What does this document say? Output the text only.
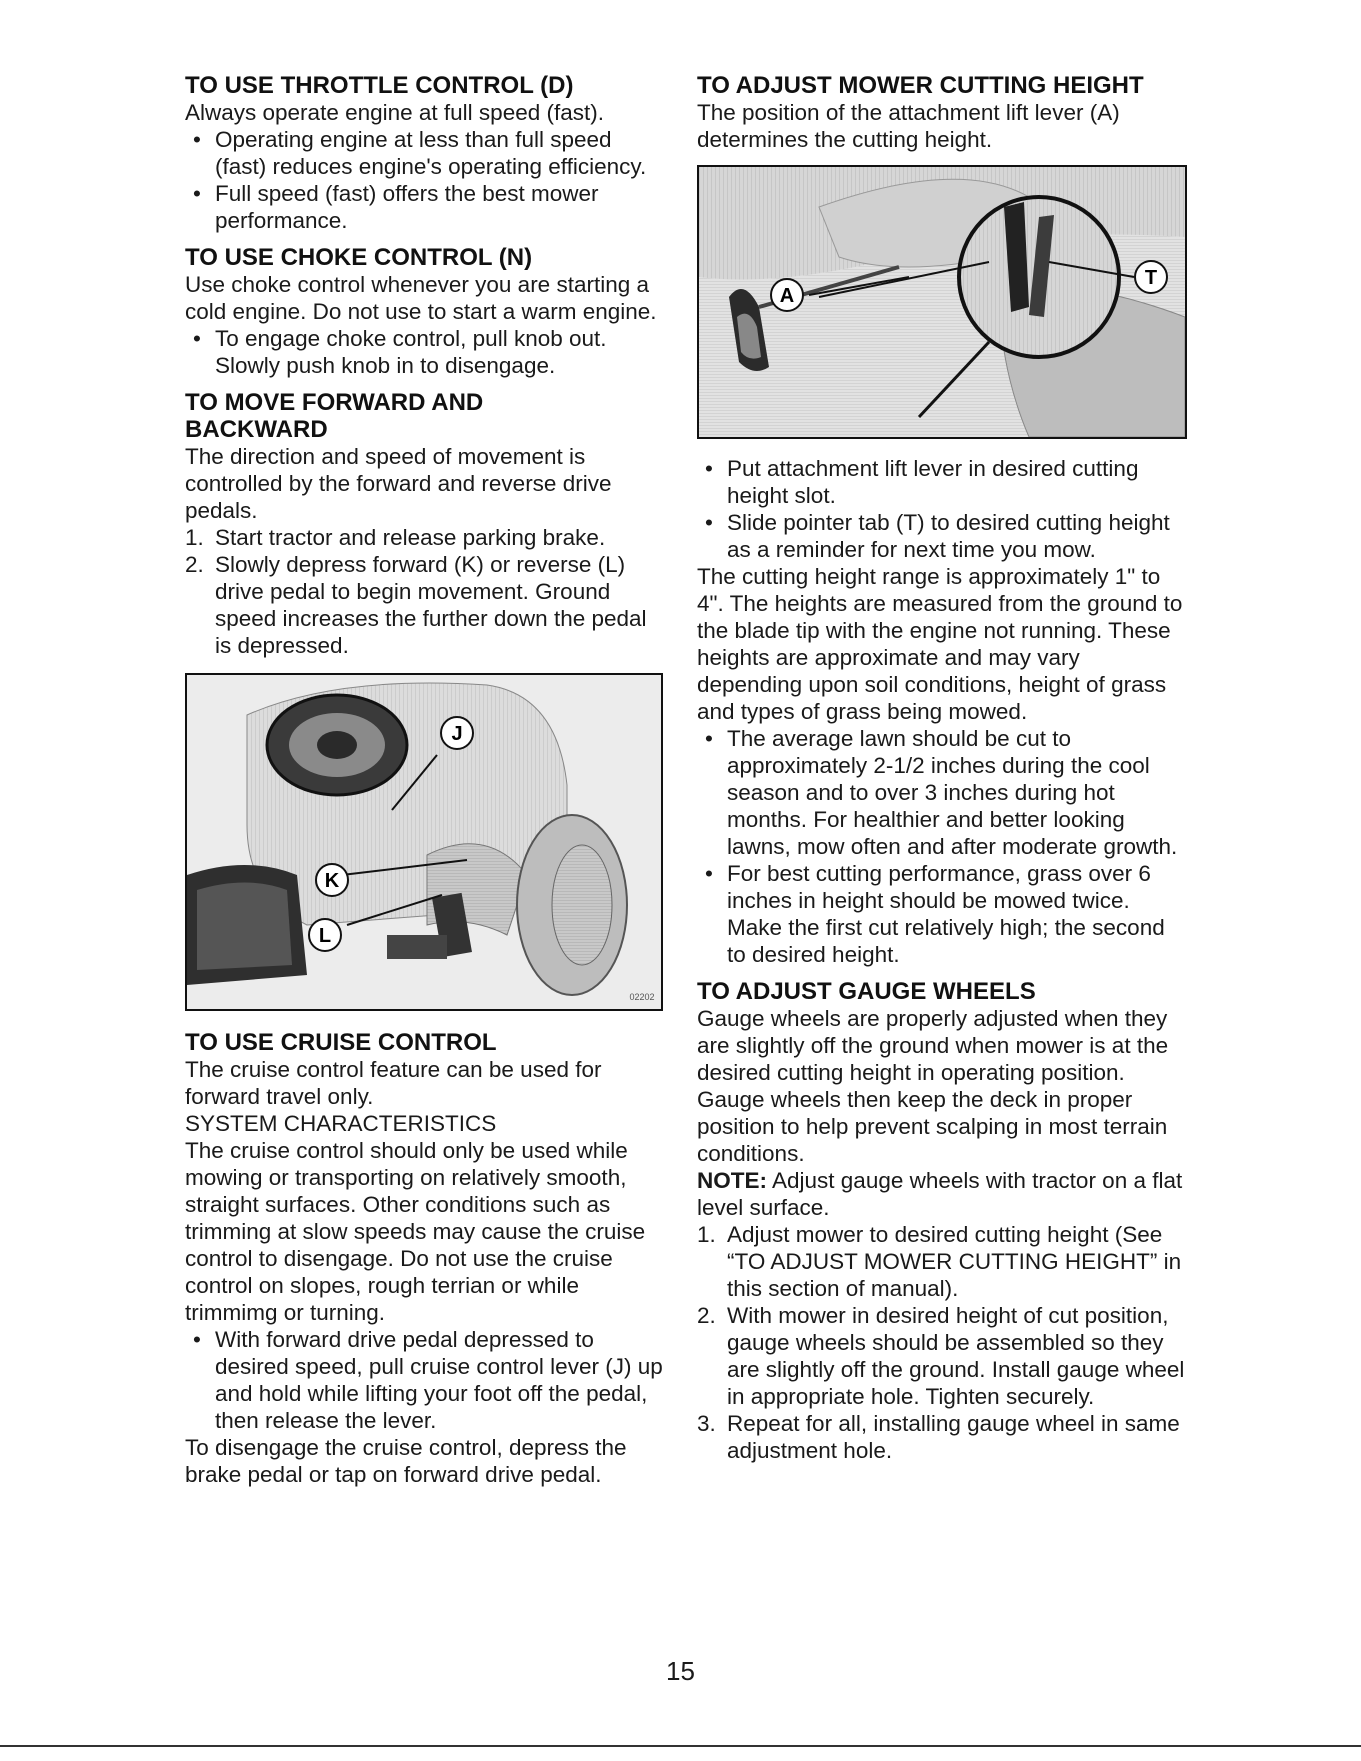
TO USE THROTTLE CONTROL (D)

Always operate engine at full speed (fast).

• Operating engine at less than full speed (fast) reduces engine's operating efficiency.
• Full speed (fast) offers the best mower performance.
TO USE CHOKE CONTROL (N)

Use choke control whenever you are starting a cold engine. Do not use to start a warm engine.

• To engage choke control, pull knob out. Slowly push knob in to disengage.
TO MOVE FORWARD AND
BACKWARD

The direction and speed of movement is controlled by the forward and reverse drive pedals.

1. Start tractor and release parking brake.
2. Slowly depress forward (K) or reverse (L) drive pedal to begin movement. Ground speed increases the further down the pedal is depressed.
J
K
L
02202
TO USE CRUISE CONTROL

The cruise control feature can be used for forward travel only.

SYSTEM CHARACTERISTICS

The cruise control should only be used while mowing or transporting on relatively smooth, straight surfaces. Other conditions such as trimming at slow speeds may cause the cruise control to disengage. Do not use the cruise control on slopes, rough terrian or while trimmimg or turning.

• With forward drive pedal depressed to desired speed, pull cruise control lever (J) up and hold while lifting your foot off the pedal, then release the lever.

To disengage the cruise control, depress the brake pedal or tap on forward drive pedal.

TO ADJUST MOWER CUTTING HEIGHT

The position of the attachment lift lever (A) determines the cutting height.

A
T
• Put attachment lift lever in desired cutting height slot.
• Slide pointer tab (T) to desired cutting height as a reminder for next time you mow.

The cutting height range is approximately 1" to 4". The heights are measured from the ground to the blade tip with the engine not running. These heights are approximate and may vary depending upon soil conditions, height of grass and types of grass being mowed.

• The average lawn should be cut to approximately 2-1/2 inches during the cool season and to over 3 inches during hot months. For healthier and better looking lawns, mow often and after moderate growth.
• For best cutting performance, grass over 6 inches in height should be mowed twice. Make the first cut relatively high; the second to desired height.
TO ADJUST GAUGE WHEELS

Gauge wheels are properly adjusted when they are slightly off the ground when mower is at the desired cutting height in operating position. Gauge wheels then keep the deck in proper position to help prevent scalping in most terrain conditions.

NOTE: Adjust gauge wheels with tractor on a flat level surface.

1. Adjust mower to desired cutting height (See “TO ADJUST MOWER CUTTING HEIGHT” in this section of manual).
2. With mower in desired height of cut position, gauge wheels should be assembled so they are slightly off the ground. Install gauge wheel in appropriate hole. Tighten securely.
3. Repeat for all, installing gauge wheel in same adjustment hole.
15
